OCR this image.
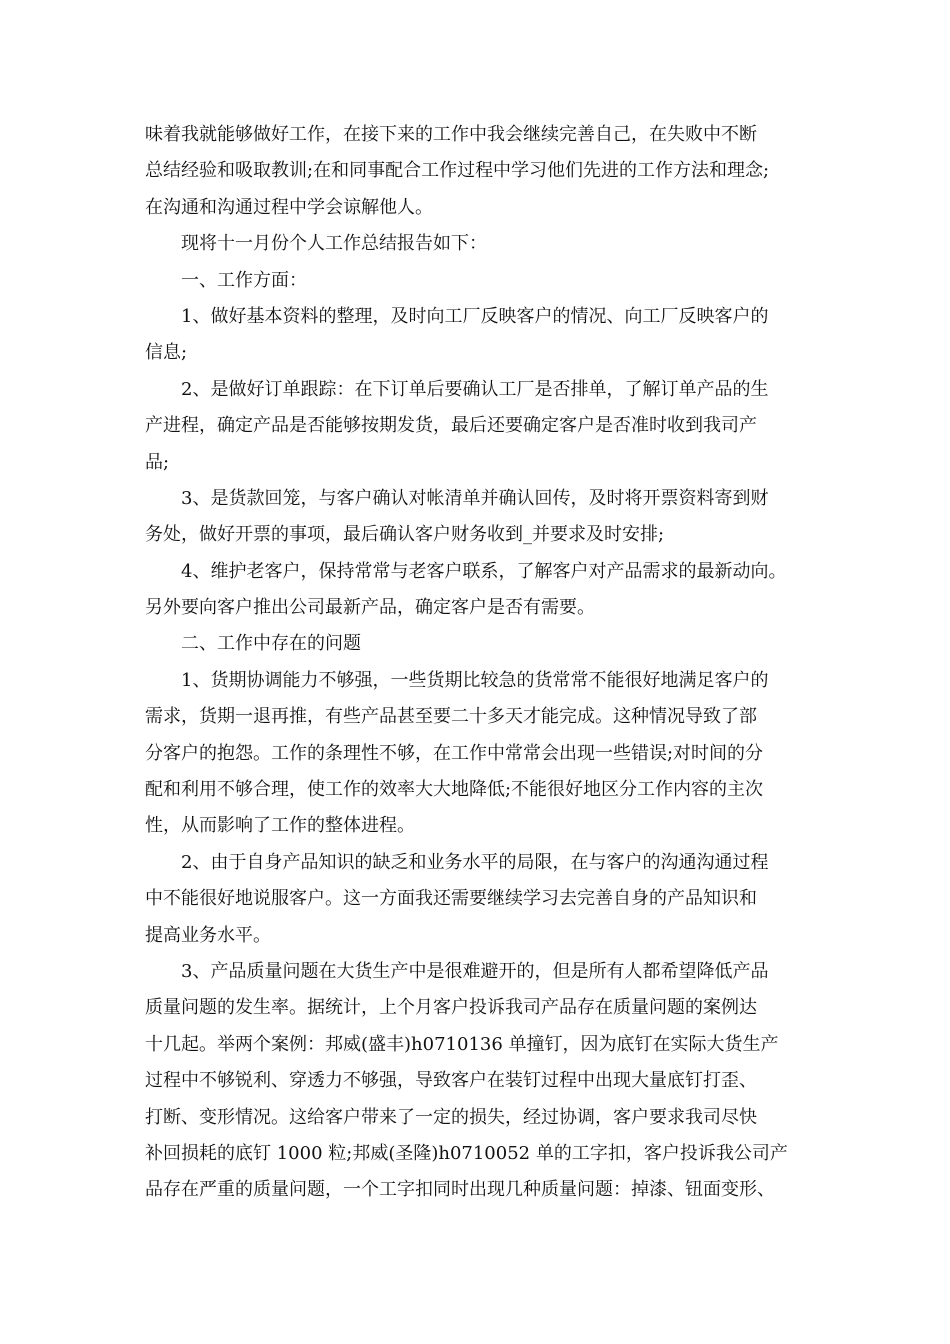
味着我就能够做好工作，在接下来的工作中我会继续完善自己，在失败中不断
总结经验和吸取教训;在和同事配合工作过程中学习他们先进的工作方法和理念;
在沟通和沟通过程中学会谅解他人。
现将十一月份个人工作总结报告如下：
一、工作方面：
1、做好基本资料的整理，及时向工厂反映客户的情况、向工厂反映客户的
信息;
2、是做好订单跟踪：在下订单后要确认工厂是否排单，了解订单产品的生
产进程，确定产品是否能够按期发货，最后还要确定客户是否准时收到我司产
品;
3、是货款回笼，与客户确认对帐清单并确认回传，及时将开票资料寄到财
务处，做好开票的事项，最后确认客户财务收到_并要求及时安排;
4、维护老客户，保持常常与老客户联系，了解客户对产品需求的最新动向。
另外要向客户推出公司最新产品，确定客户是否有需要。
二、工作中存在的问题
1、货期协调能力不够强，一些货期比较急的货常常不能很好地满足客户的
需求，货期一退再推，有些产品甚至要二十多天才能完成。这种情况导致了部
分客户的抱怨。工作的条理性不够，在工作中常常会出现一些错误;对时间的分
配和利用不够合理，使工作的效率大大地降低;不能很好地区分工作内容的主次
性，从而影响了工作的整体进程。
2、由于自身产品知识的缺乏和业务水平的局限，在与客户的沟通沟通过程
中不能很好地说服客户。这一方面我还需要继续学习去完善自身的产品知识和
提高业务水平。
3、产品质量问题在大货生产中是很难避开的，但是所有人都希望降低产品
质量问题的发生率。据统计，上个月客户投诉我司产品存在质量问题的案例达
十几起。举两个案例：邦威(盛丰)h0710136 单撞钉，因为底钉在实际大货生产
过程中不够锐利、穿透力不够强，导致客户在装钉过程中出现大量底钉打歪、
打断、变形情况。这给客户带来了一定的损失，经过协调，客户要求我司尽快
补回损耗的底钉 1000 粒;邦威(圣隆)h0710052 单的工字扣，客户投诉我公司产
品存在严重的质量问题，一个工字扣同时出现几种质量问题：掉漆、钮面变形、
